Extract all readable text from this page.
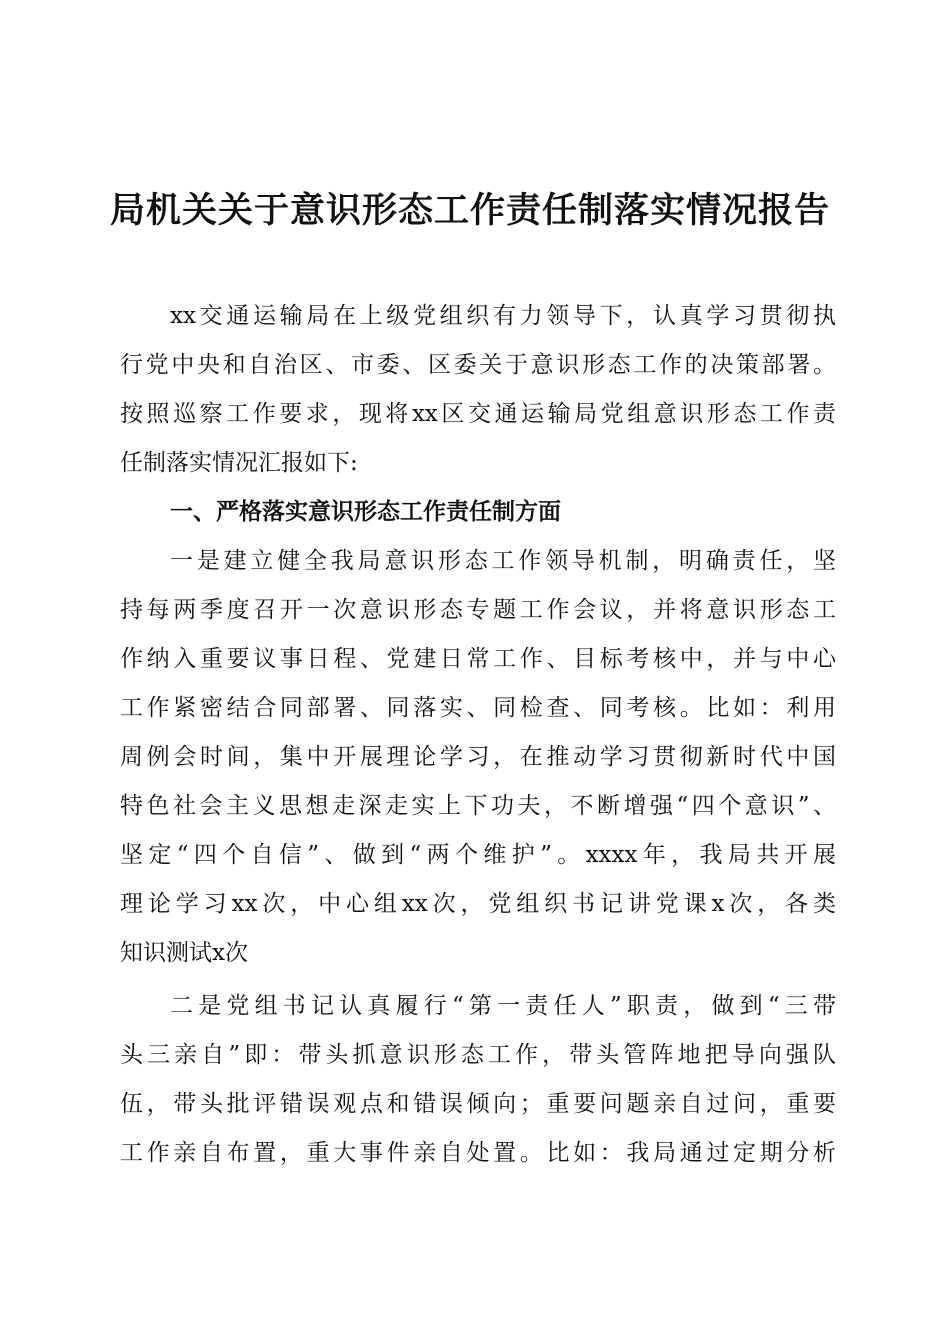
局机关关于意识形态工作责任制落实情况报告
xx交通运输局在上级党组织有力领导下，认真学习贯彻执
行党中央和自治区、市委、区委关于意识形态工作的决策部署。
按照巡察工作要求，现将xx区交通运输局党组意识形态工作责
任制落实情况汇报如下:
一、严格落实意识形态工作责任制方面
一是建立健全我局意识形态工作领导机制，明确责任，坚
持每两季度召开一次意识形态专题工作会议，并将意识形态工
作纳入重要议事日程、党建日常工作、目标考核中，并与中心
工作紧密结合同部署、同落实、同检查、同考核。比如：利用
周例会时间，集中开展理论学习，在推动学习贯彻新时代中国
特色社会主义思想走深走实上下功夫，不断增强“四个意识”、
坚定“四个自信”、做到“两个维护”。xxxx年，我局共开展
理论学习xx次，中心组xx次，党组织书记讲党课x次，各类
知识测试x次
二是党组书记认真履行“第一责任人”职责，做到“三带
头三亲自”即：带头抓意识形态工作，带头管阵地把导向强队
伍，带头批评错误观点和错误倾向；重要问题亲自过问，重要
工作亲自布置，重大事件亲自处置。比如：我局通过定期分析
